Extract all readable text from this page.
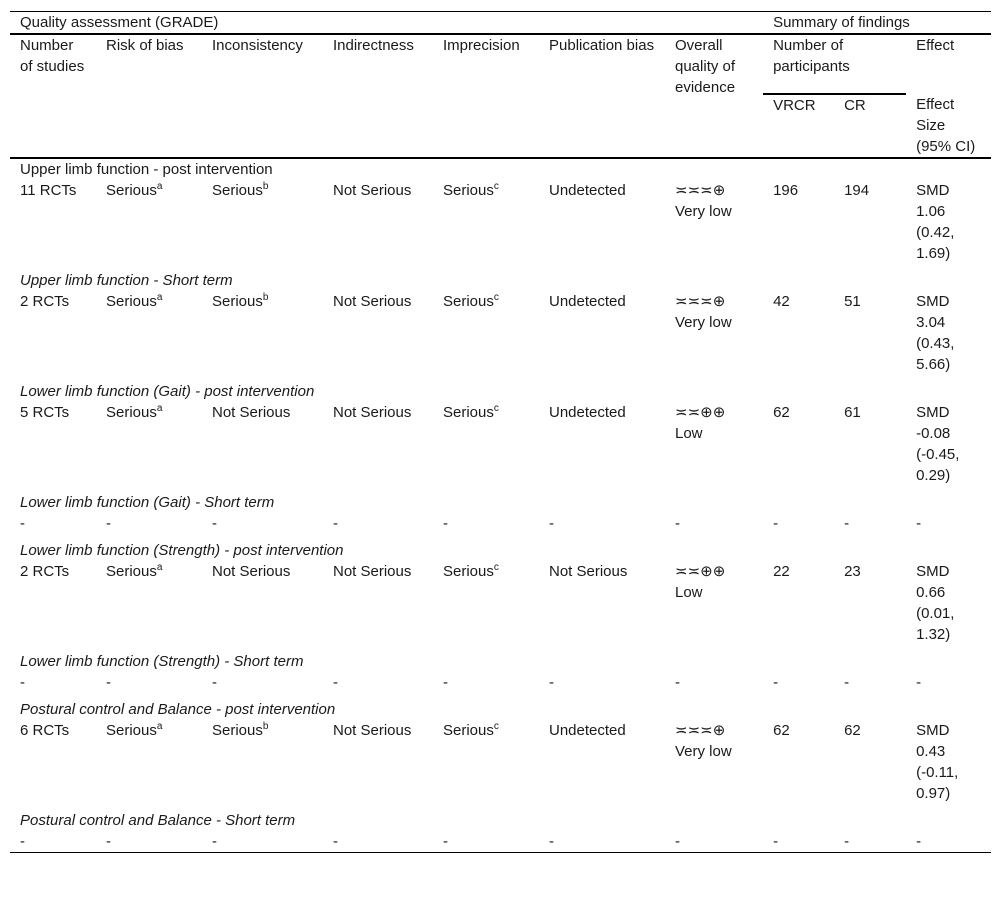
Quality assessment (GRADE)							Summary of findings		
Number of studies	Risk of bias	Inconsistency	Indirectness	Imprecision	Publication bias	Overall quality of evidence	Number of participants		Effect
							VRCR	CR	Effect Size (95% CI)
Upper limb function - post intervention									
11 RCTs	Serious$^a$	Serious$^b$	Not Serious	Serious$^c$	Undetected	≍≍≍⊕
Very low	196	194	SMD 1.06 (0.42, 1.69)
Upper limb function - Short term									
2 RCTs	Serious$^a$	Serious$^b$	Not Serious	Serious$^c$	Undetected	≍≍≍⊕
Very low	42	51	SMD 3.04 (0.43, 5.66)
Lower limb function (Gait) - post intervention									
5 RCTs	Serious$^a$	Not Serious	Not Serious	Serious$^c$	Undetected	≍≍⊕⊕
Low	62	61	SMD -0.08 (-0.45, 0.29)
Lower limb function (Gait) - Short term									
-	-	-	-	-	-	-	-	-	-
Lower limb function (Strength) - post intervention									
2 RCTs	Serious$^a$	Not Serious	Not Serious	Serious$^c$	Not Serious	≍≍⊕⊕
Low	22	23	SMD 0.66 (0.01, 1.32)
Lower limb function (Strength) - Short term									
-	-	-	-	-	-	-	-	-	-
Postural control and Balance - post intervention									
6 RCTs	Serious$^a$	Serious$^b$	Not Serious	Serious$^c$	Undetected	≍≍≍⊕
Very low	62	62	SMD 0.43 (-0.11, 0.97)
Postural control and Balance - Short term									
-	-	-	-	-	-	-	-	-	-
